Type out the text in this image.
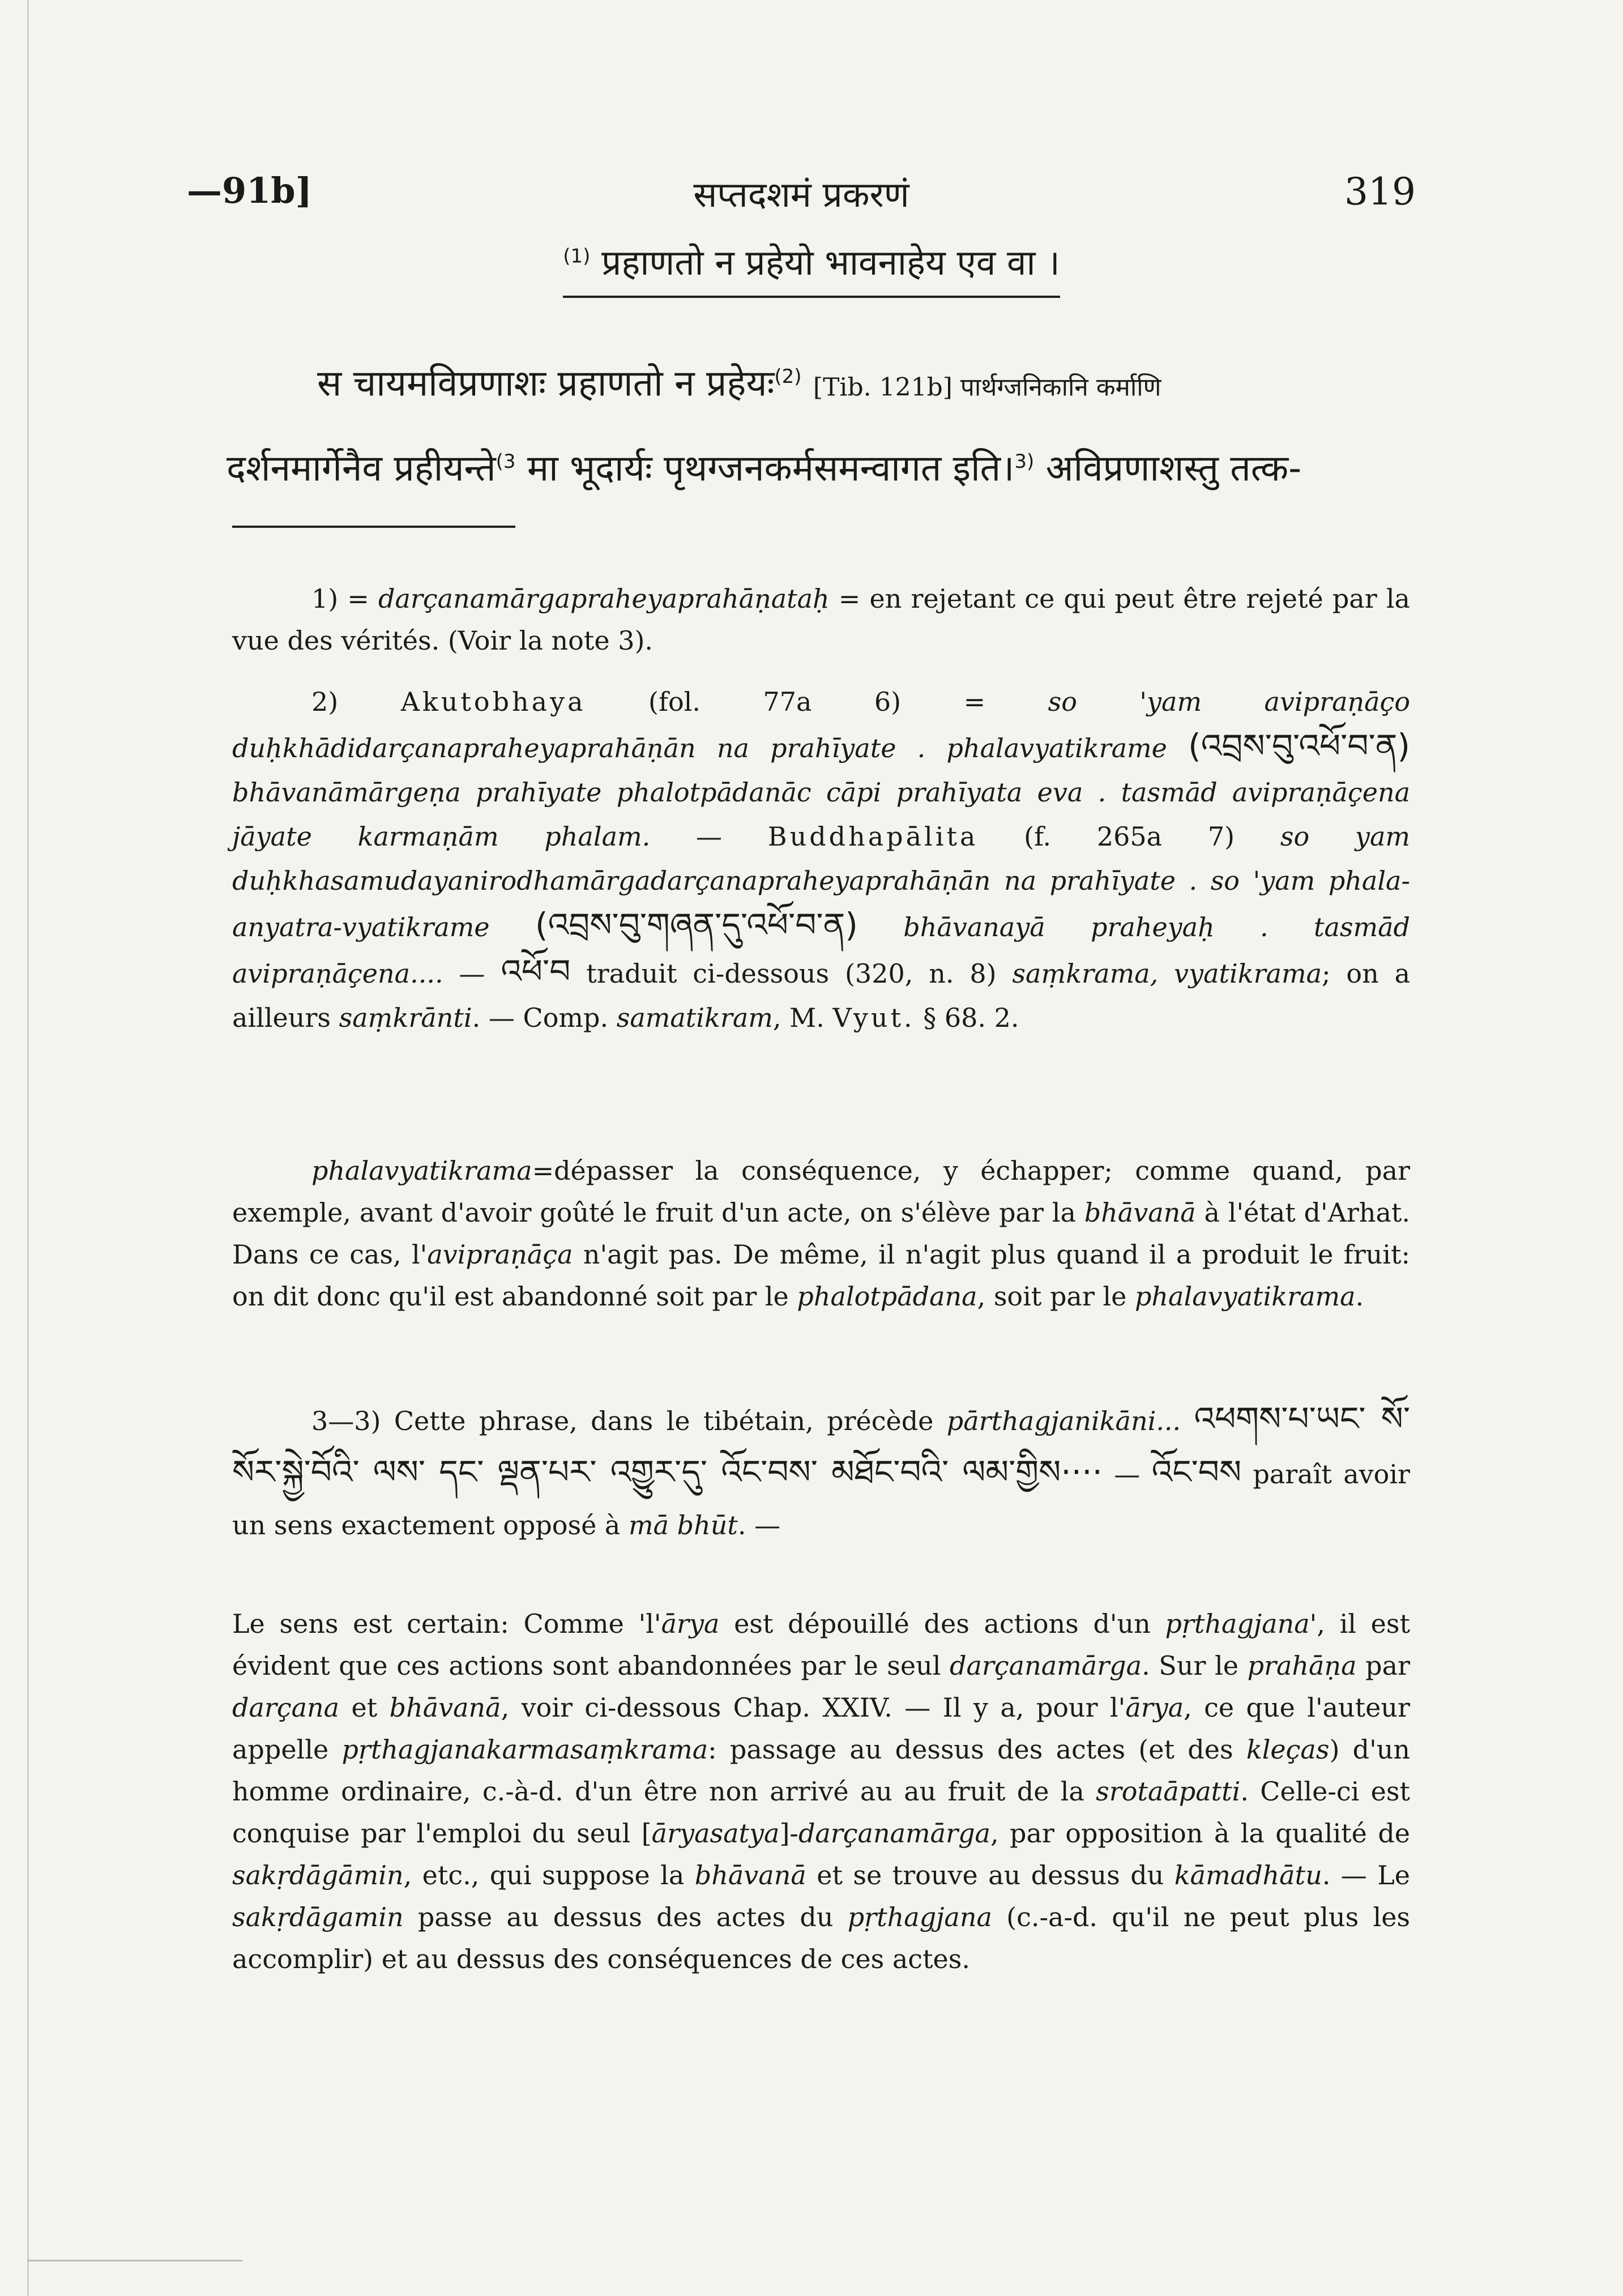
—91b]	सप्तदशमं प्रकरणं	319
$^{(1)}$ प्रहाणतो न प्रहेयो भावनाहेय एव वा ।
स चायमविप्रणाशः प्रहाणतो न प्रहेयः$^{(2)}$ [Tib. 121b] पार्थग्जनिकानि कर्माणि
दर्शनमार्गेनैव प्रहीयन्ते$^{(3}$ मा भूदार्यः पृथग्जनकर्मसमन्वागत इति।$^{3)}$ अविप्रणाशस्तु तत्क-
1) = darçanamārgapraheyaprahāṇataḥ = en rejetant ce qui peut être rejeté par la vue des vérités. (Voir la note 3).
2) Akutobhaya (fol. 77a 6) = so 'yam avipraṇāço duḥkhādidarçanapraheyaprahāṇān na prahīyate . phalavyatikrame (འབྲས་བུ་འཕོ་བ་ན) bhāvanāmārgeṇa prahīyate phalotpādanāc cāpi prahīyata eva . tasmād avipraṇāçena jāyate karmaṇām phalam. — Buddhapālita (f. 265a 7) so yam duḥkhasamudayanirodhamārgadarçanapraheyaprahāṇān na prahīyate . so 'yam phala-anyatra-vyatikrame (འབྲས་བུ་གཞན་དུ་འཕོ་བ་ན) bhāvanayā praheyaḥ . tasmād avipraṇāçena.... — འཕོ་བ traduit ci-dessous (320, n. 8) saṃkrama, vyatikrama; on a ailleurs saṃkrānti. — Comp. samatikram, M. Vyut. § 68. 2.
phalavyatikrama=dépasser la conséquence, y échapper; comme quand, par exemple, avant d'avoir goûté le fruit d'un acte, on s'élève par la bhāvanā à l'état d'Arhat. Dans ce cas, l'avipraṇāça n'agit pas. De même, il n'agit plus quand il a produit le fruit: on dit donc qu'il est abandonné soit par le phalotpādana, soit par le phalavyatikrama.
3—3) Cette phrase, dans le tibétain, précède pārthagjanikāni... འཕགས་པ་ཡང་ སོ་སོར་སྐྱེ་བོའི་ ལས་ དང་ ལྡན་པར་ འགྱུར་དུ་ འོང་བས་ མཐོང་བའི་ ལམ་གྱིས···· — འོང་བས paraît avoir un sens exactement opposé à mā bhūt. —
Le sens est certain: Comme 'l'ārya est dépouillé des actions d'un pṛthagjana', il est évident que ces actions sont abandonnées par le seul darçanamārga. Sur le prahāṇa par darçana et bhāvanā, voir ci-dessous Chap. XXIV. — Il y a, pour l'ārya, ce que l'auteur appelle pṛthagjanakarmasaṃkrama: passage au dessus des actes (et des kleças) d'un homme ordinaire, c.-à-d. d'un être non arrivé au au fruit de la srotaāpatti. Celle-ci est conquise par l'emploi du seul [āryasatya]-darçanamārga, par opposition à la qualité de sakṛdāgāmin, etc., qui suppose la bhāvanā et se trouve au dessus du kāmadhātu. — Le sakṛdāgamin passe au dessus des actes du pṛthagjana (c.-a-d. qu'il ne peut plus les accomplir) et au dessus des conséquences de ces actes.
